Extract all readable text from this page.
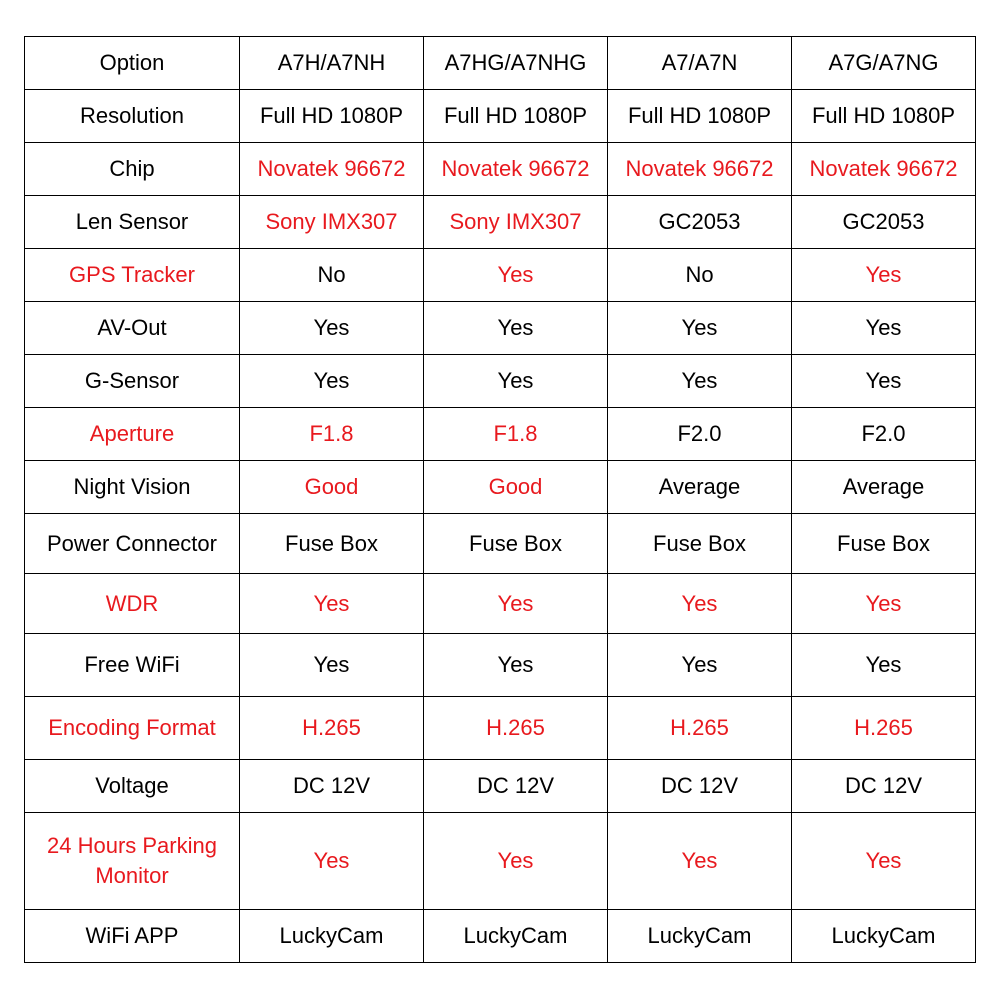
Option	A7H/A7NH	A7HG/A7NHG	A7/A7N	A7G/A7NG
Resolution	Full HD 1080P	Full HD 1080P	Full HD 1080P	Full HD 1080P
Chip	Novatek 96672	Novatek 96672	Novatek 96672	Novatek 96672
Len Sensor	Sony IMX307	Sony IMX307	GC2053	GC2053
GPS Tracker	No	Yes	No	Yes
AV-Out	Yes	Yes	Yes	Yes
G-Sensor	Yes	Yes	Yes	Yes
Aperture	F1.8	F1.8	F2.0	F2.0
Night Vision	Good	Good	Average	Average
Power Connector	Fuse Box	Fuse Box	Fuse Box	Fuse Box
WDR	Yes	Yes	Yes	Yes
Free WiFi	Yes	Yes	Yes	Yes
Encoding Format	H.265	H.265	H.265	H.265
Voltage	DC 12V	DC 12V	DC 12V	DC 12V
24 Hours Parking Monitor	Yes	Yes	Yes	Yes
WiFi APP	LuckyCam	LuckyCam	LuckyCam	LuckyCam
